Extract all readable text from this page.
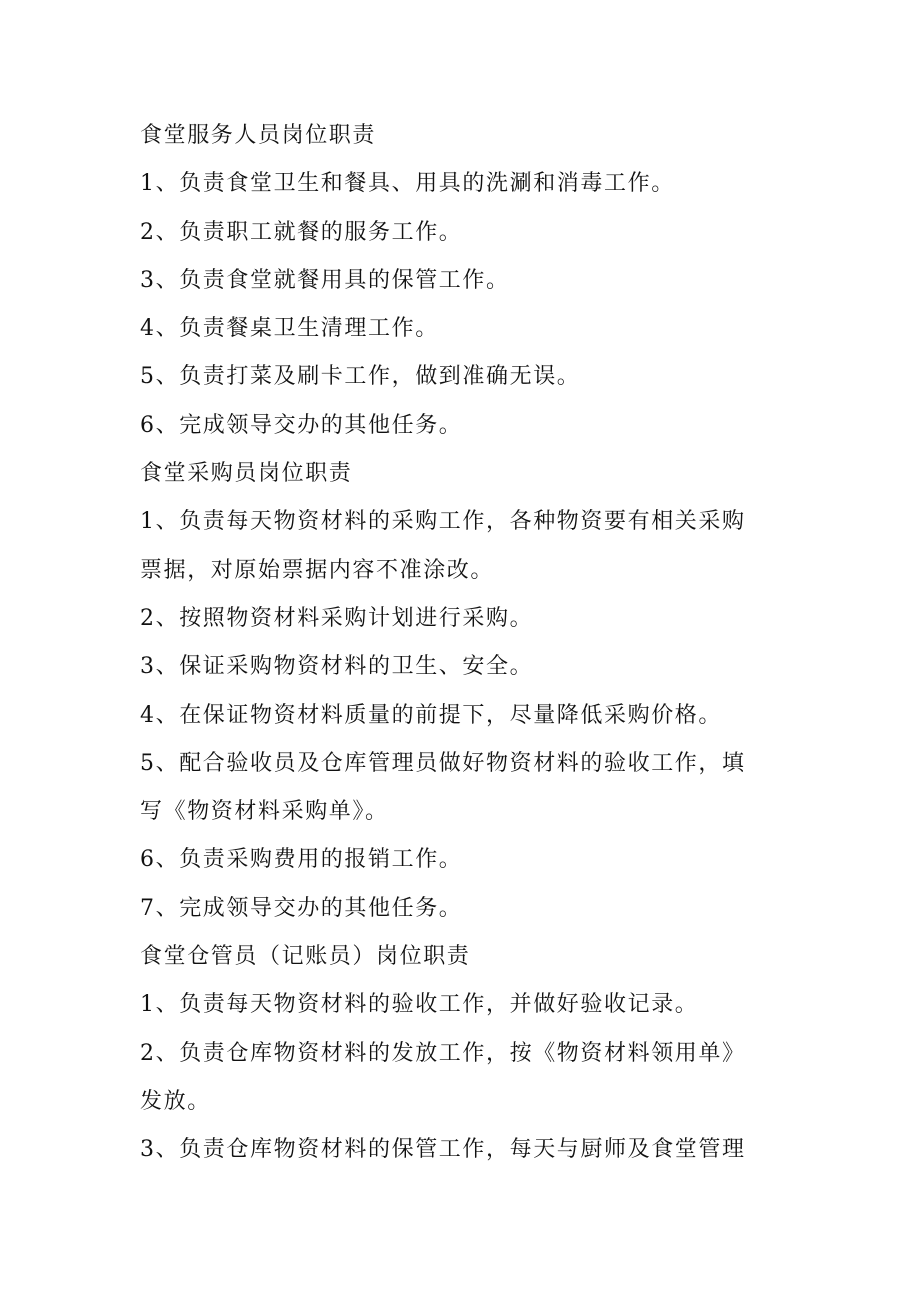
食堂服务人员岗位职责
1、负责食堂卫生和餐具、用具的洗涮和消毒工作。
2、负责职工就餐的服务工作。
3、负责食堂就餐用具的保管工作。
4、负责餐桌卫生清理工作。
5、负责打菜及刷卡工作，做到准确无误。
6、完成领导交办的其他任务。
食堂采购员岗位职责
1、负责每天物资材料的采购工作，各种物资要有相关采购
票据，对原始票据内容不准涂改。
2、按照物资材料采购计划进行采购。
3、保证采购物资材料的卫生、安全。
4、在保证物资材料质量的前提下，尽量降低采购价格。
5、配合验收员及仓库管理员做好物资材料的验收工作，填
写《物资材料采购单》。
6、负责采购费用的报销工作。
7、完成领导交办的其他任务。
食堂仓管员（记账员）岗位职责
1、负责每天物资材料的验收工作，并做好验收记录。
2、负责仓库物资材料的发放工作，按《物资材料领用单》
发放。
3、负责仓库物资材料的保管工作，每天与厨师及食堂管理
